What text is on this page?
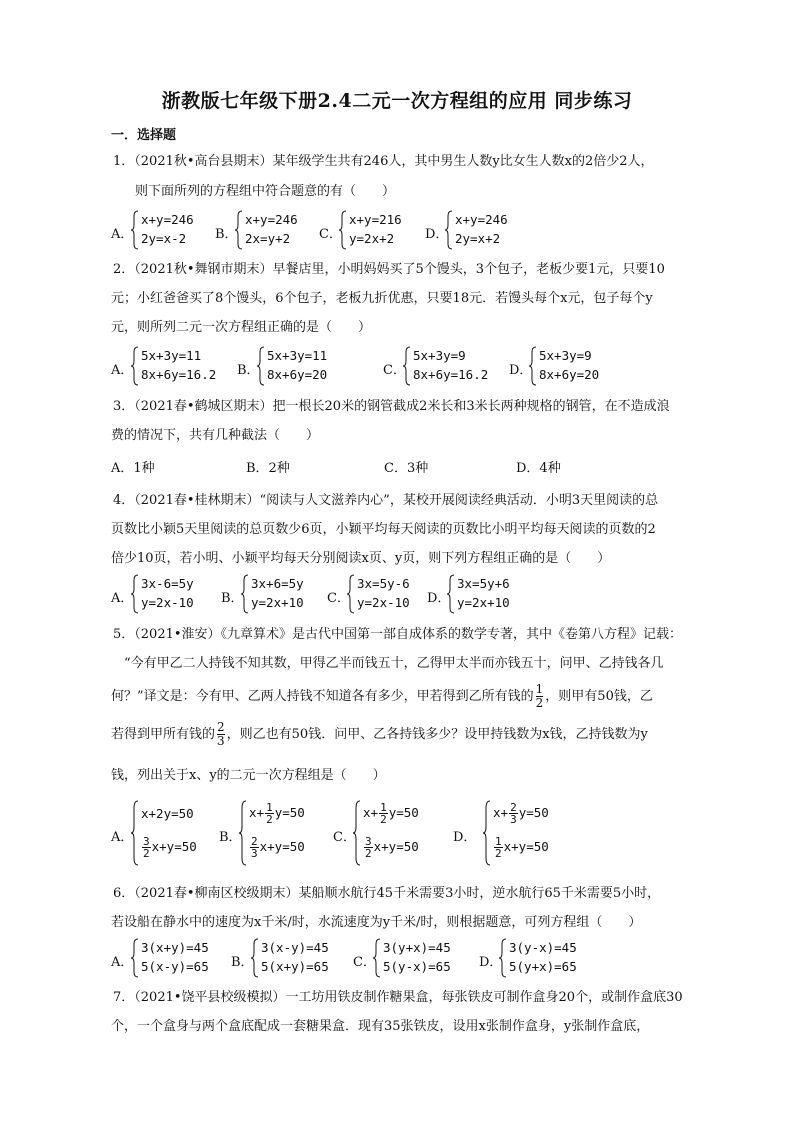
浙教版七年级下册2.4二元一次方程组的应用 同步练习
一．选择题
1．（2021秋•高台县期末）某年级学生共有246人，其中男生人数y比女生人数x的2倍少2人，
则下面所列的方程组中符合题意的有（　　）
A．
x+y=246
2y=x-2 B．
x+y=246
2x=y+2 C．
x+y=216
y=2x+2 D．
x+y=246
2y=x+2
2．（2021秋•舞钢市期末）早餐店里，小明妈妈买了5个馒头，3个包子，老板少要1元，只要10
元；小红爸爸买了8个馒头，6个包子，老板九折优惠，只要18元．若馒头每个x元，包子每个y
元，则所列二元一次方程组正确的是（　　）
A．
5x+3y=11
8x+6y=16.2 B．
5x+3y=11
8x+6y=20	C．
5x+3y=9
8x+6y=16.2 D．
5x+3y=9
8x+6y=20
3．（2021春•鹤城区期末）把一根长20米的钢管截成2米长和3米长两种规格的钢管，在不造成浪
费的情况下，共有几种截法（　　）
A．1种	B．2种	C．3种	D．4种
4．（2021春•桂林期末）“阅读与人文滋养内心”，某校开展阅读经典活动．小明3天里阅读的总
页数比小颖5天里阅读的总页数少6页，小颖平均每天阅读的页数比小明平均每天阅读的页数的2
倍少10页，若小明、小颖平均每天分别阅读x页、y页，则下列方程组正确的是（　　）
A．
3x-6=5y
y=2x-10 B．
3x+6=5y
y=2x+10 C．
3x=5y-6
y=2x-10 D．
3x=5y+6
y=2x+10
5．（2021•淮安）《九章算术》是古代中国第一部自成体系的数学专著，其中《卷第八方程》记载：
“今有甲乙二人持钱不知其数，甲得乙半而钱五十，乙得甲太半而亦钱五十，问甲、乙持钱各几
何？”译文是：今有甲、乙两人持钱不知道各有多少，甲若得到乙所有钱的 $\frac{1}{2}$ ，则甲有50钱，乙
若得到甲所有钱的 $\frac{2}{3}$ ，则乙也有50钱．问甲、乙各持钱多少？设甲持钱数为x钱，乙持钱数为y
钱，列出关于x、y的二元一次方程组是（　　）
A．
x+2y=50
$\frac{3}{2} x+y=50$
B．
$x+ \frac{1}{2} y=50$
$\frac{2}{3} x+y=50$
C．
$x+ \frac{1}{2} y=50$
$\frac{3}{2} x+y=50$
D．
$x+ \frac{2}{3} y=50$
$\frac{1}{2} x+y=50$
6．（2021春•柳南区校级期末）某船顺水航行45千米需要3小时，逆水航行65千米需要5小时，
若设船在静水中的速度为x千米/时，水流速度为y千米/时，则根据题意，可列方程组（　　）
A．
3(x+y)=45
5(x-y)=65 B．
3(x-y)=45
5(x+y)=65 C．
3(y+x)=45
5(y-x)=65 D．
3(y-x)=45
5(y+x)=65
7．（2021•饶平县校级模拟）一工坊用铁皮制作糖果盒，每张铁皮可制作盒身20个，或制作盒底30
个，一个盒身与两个盒底配成一套糖果盒．现有35张铁皮，设用x张制作盒身，y张制作盒底，
